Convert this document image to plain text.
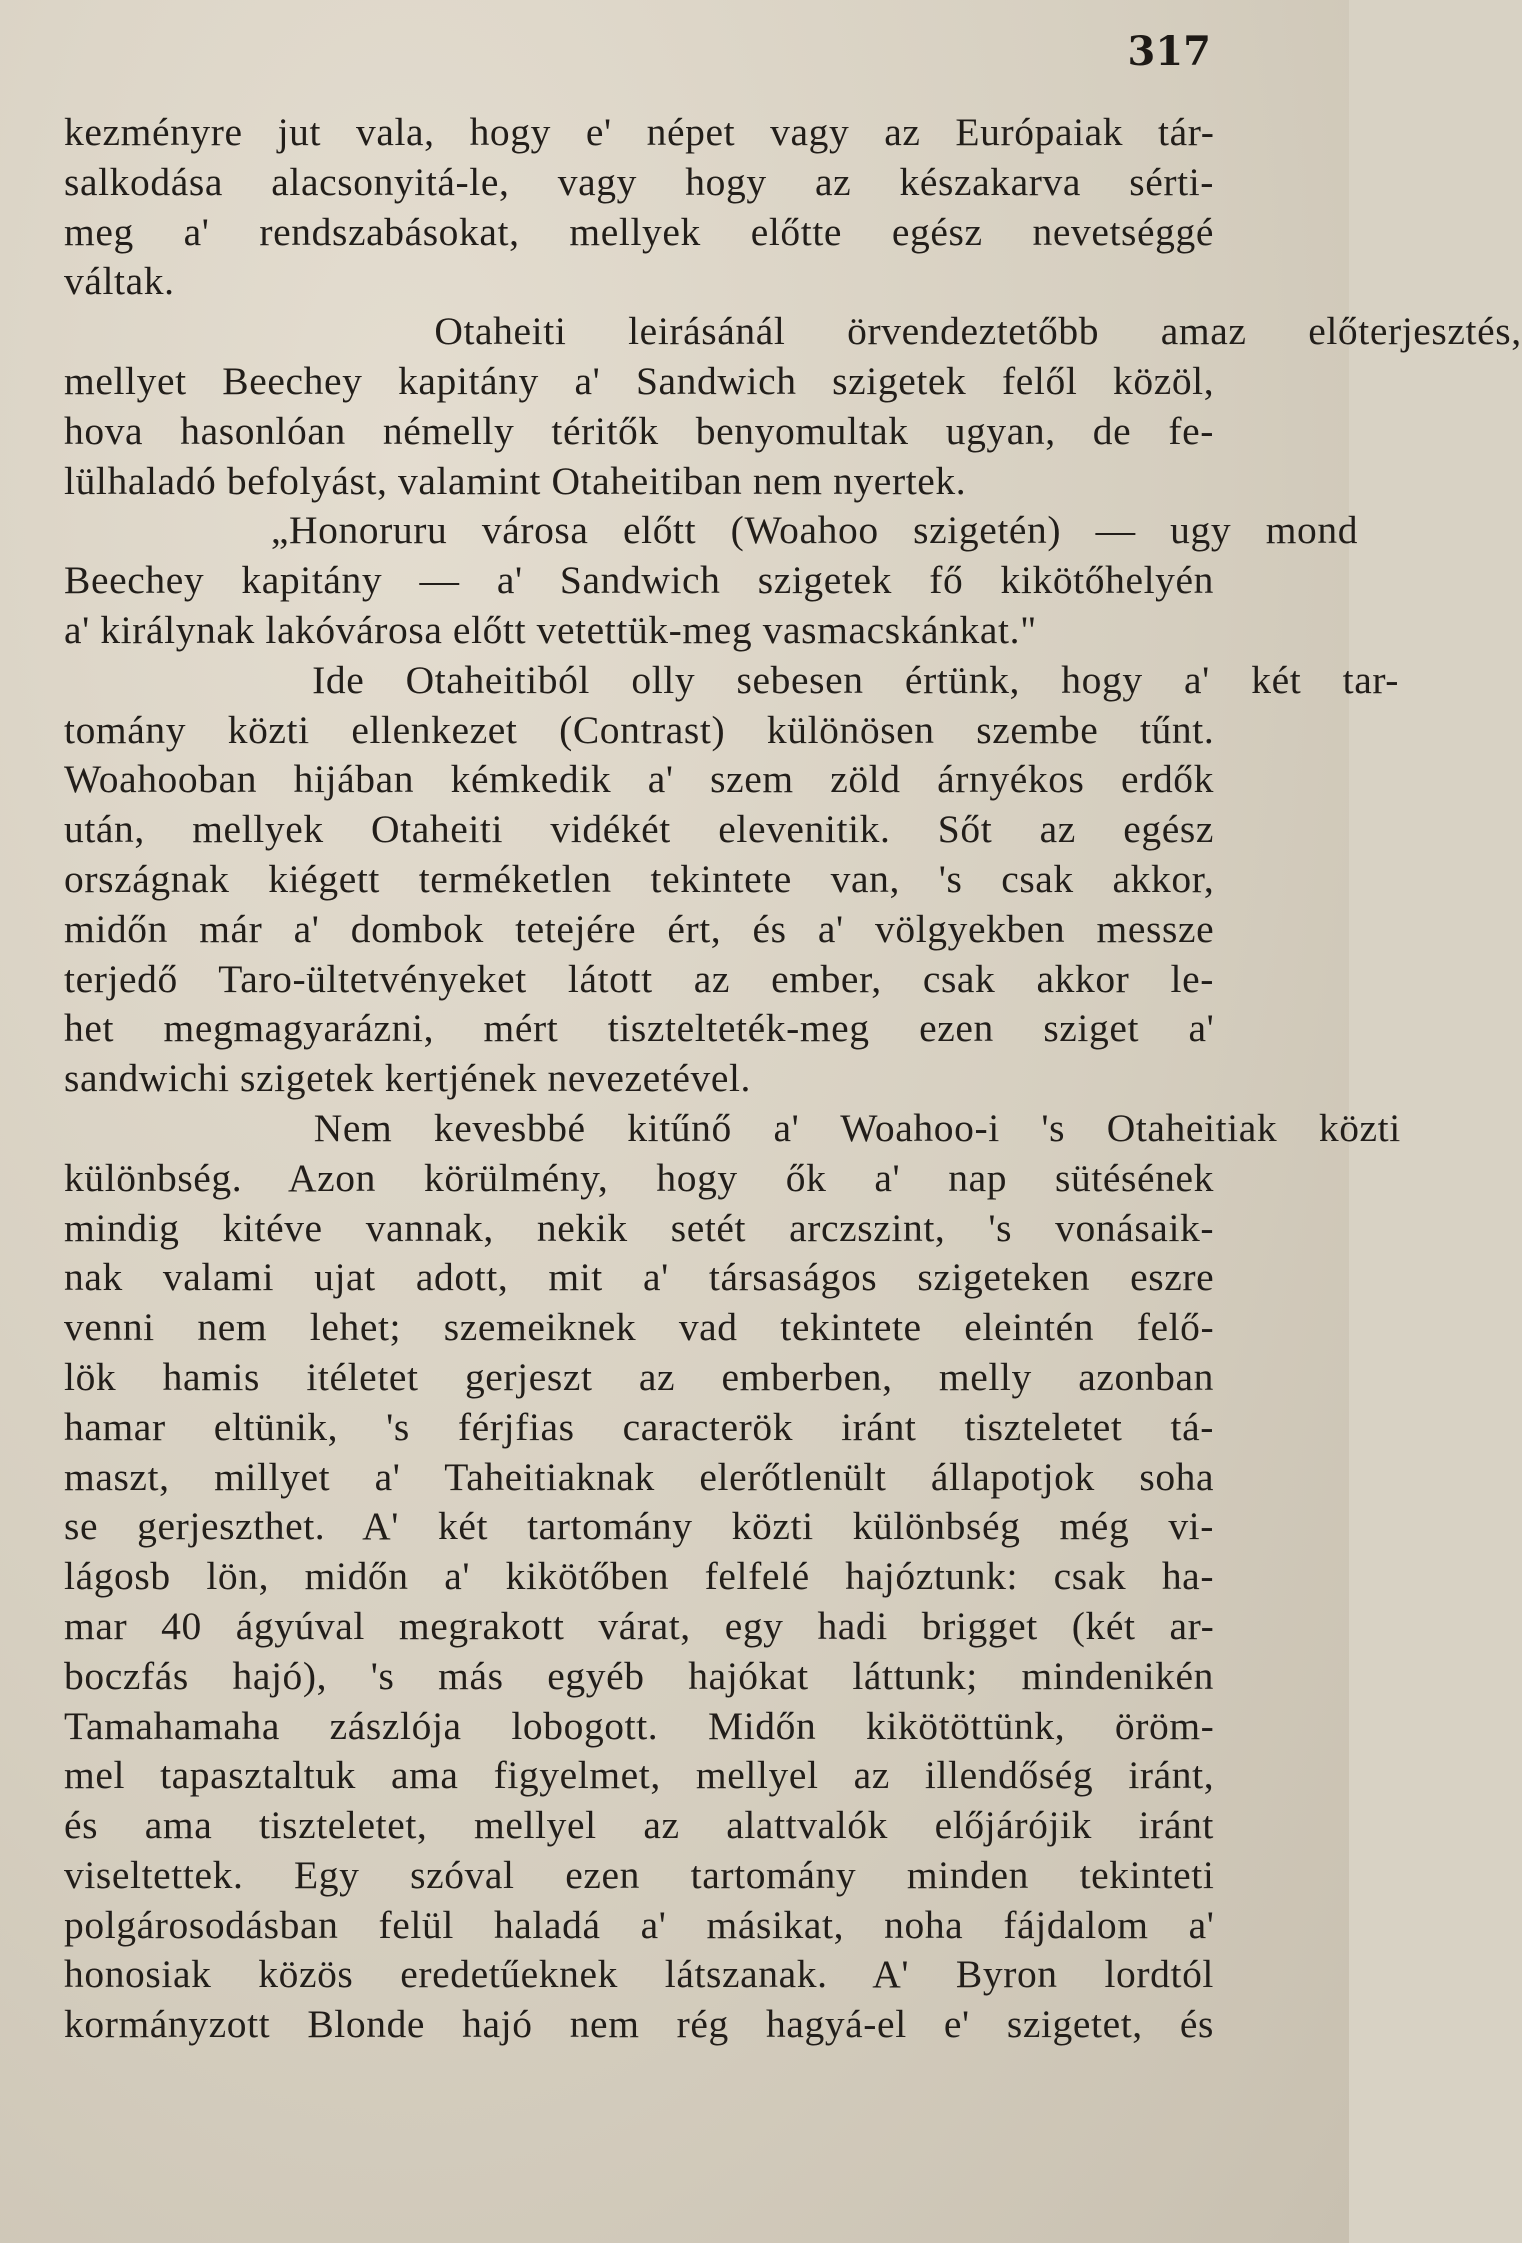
317
kezményre jut vala, hogy e' népet vagy az Európaiak tár-
salkodása alacsonyitá-le, vagy hogy az készakarva sérti-
meg a' rendszabásokat, mellyek előtte egész nevetséggé
váltak.
Otaheiti leirásánál örvendeztetőbb amaz előterjesztés,
mellyet Beechey kapitány a' Sandwich szigetek felől közöl,
hova hasonlóan némelly téritők benyomultak ugyan, de fe-
lülhaladó befolyást, valamint Otaheitiban nem nyertek.
„Honoruru városa előtt (Woahoo szigetén) — ugy mond
Beechey kapitány — a' Sandwich szigetek fő kikötőhelyén
a' királynak lakóvárosa előtt vetettük-meg vasmacskánkat."
Ide Otaheitiból olly sebesen értünk, hogy a' két tar-
tomány közti ellenkezet (Contrast) különösen szembe tűnt.
Woahooban hijában kémkedik a' szem zöld árnyékos erdők
után, mellyek Otaheiti vidékét elevenitik. Sőt az egész
országnak kiégett terméketlen tekintete van, 's csak akkor,
midőn már a' dombok tetejére ért, és a' völgyekben messze
terjedő Taro-ültetvényeket látott az ember, csak akkor le-
het megmagyarázni, mért tisztelteték-meg ezen sziget a'
sandwichi szigetek kertjének nevezetével.
Nem kevesbbé kitűnő a' Woahoo-i 's Otaheitiak közti
különbség. Azon körülmény, hogy ők a' nap sütésének
mindig kitéve vannak, nekik setét arczszint, 's vonásaik-
nak valami ujat adott, mit a' társaságos szigeteken eszre
venni nem lehet; szemeiknek vad tekintete eleintén felő-
lök hamis itéletet gerjeszt az emberben, melly azonban
hamar eltünik, 's férjfias caracterök iránt tiszteletet tá-
maszt, millyet a' Taheitiaknak elerőtlenült állapotjok soha
se gerjeszthet. A' két tartomány közti különbség még vi-
lágosb lön, midőn a' kikötőben felfelé hajóztunk: csak ha-
mar 40 ágyúval megrakott várat, egy hadi brigget (két ar-
boczfás hajó), 's más egyéb hajókat láttunk; mindenikén
Tamahamaha zászlója lobogott. Midőn kikötöttünk, öröm-
mel tapasztaltuk ama figyelmet, mellyel az illendőség iránt,
és ama tiszteletet, mellyel az alattvalók előjárójik iránt
viseltettek. Egy szóval ezen tartomány minden tekinteti
polgárosodásban felül haladá a' másikat, noha fájdalom a'
honosiak közös eredetűeknek látszanak. A' Byron lordtól
kormányzott Blonde hajó nem rég hagyá-el e' szigetet, és
